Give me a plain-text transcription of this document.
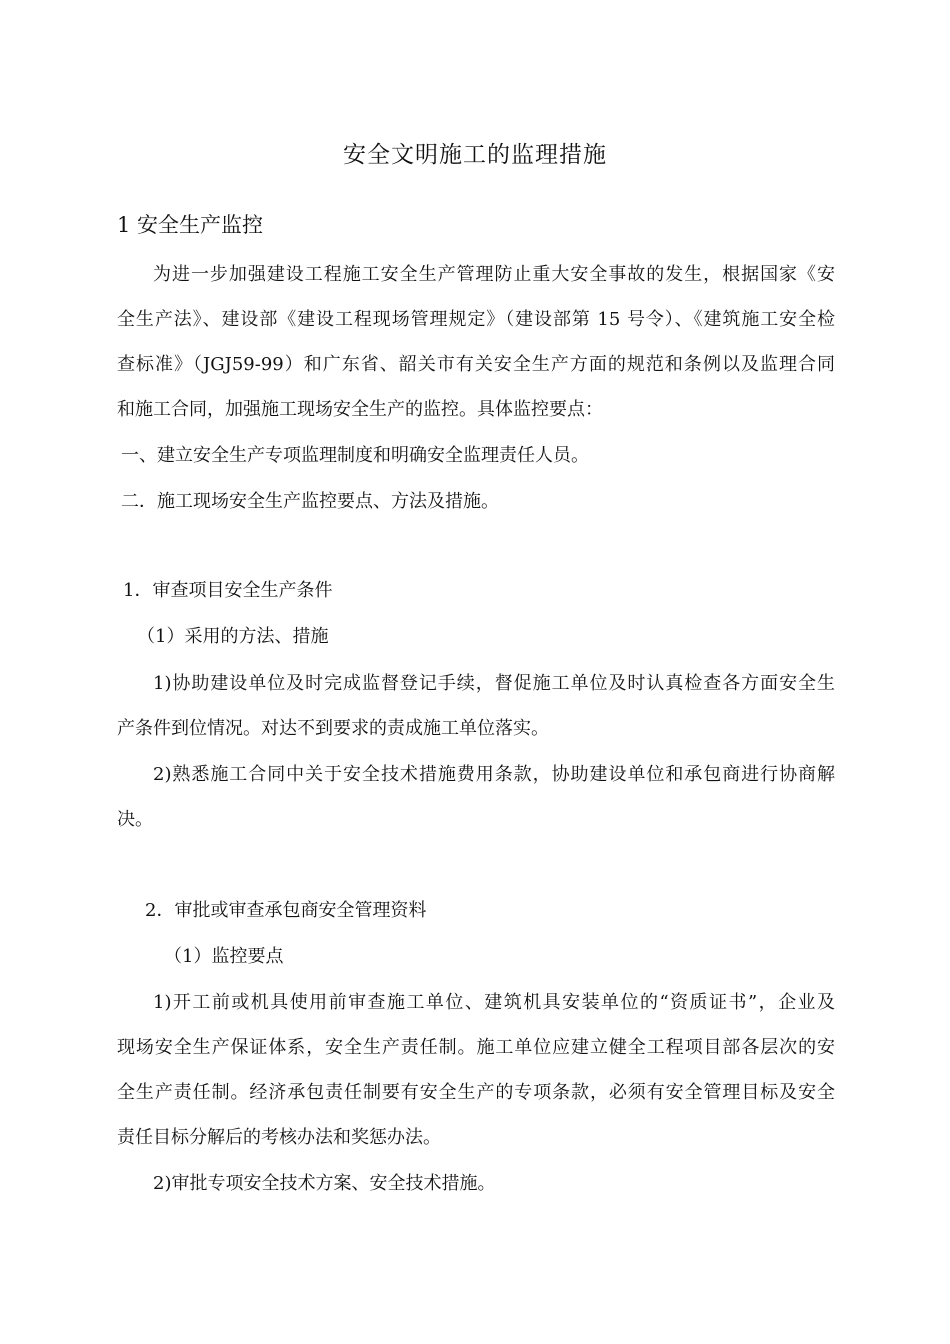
安全文明施工的监理措施
1 安全生产监控
为进一步加强建设工程施工安全生产管理防止重大安全事故的发生，根据国家《安
全生产法》、建设部《建设工程现场管理规定》（建设部第 15 号令）、《建筑施工安全检
查标准》（JGJ59-99）和广东省、韶关市有关安全生产方面的规范和条例以及监理合同
和施工合同，加强施工现场安全生产的监控。具体监控要点：
一、建立安全生产专项监理制度和明确安全监理责任人员。
二．施工现场安全生产监控要点、方法及措施。
1．审查项目安全生产条件
（1）采用的方法、措施
1)协助建设单位及时完成监督登记手续，督促施工单位及时认真检查各方面安全生
产条件到位情况。对达不到要求的责成施工单位落实。
2)熟悉施工合同中关于安全技术措施费用条款，协助建设单位和承包商进行协商解
决。
2．审批或审查承包商安全管理资料
（1）监控要点
1)开工前或机具使用前审查施工单位、建筑机具安装单位的“资质证书”，企业及
现场安全生产保证体系，安全生产责任制。施工单位应建立健全工程项目部各层次的安
全生产责任制。经济承包责任制要有安全生产的专项条款，必须有安全管理目标及安全
责任目标分解后的考核办法和奖惩办法。
2)审批专项安全技术方案、安全技术措施。
